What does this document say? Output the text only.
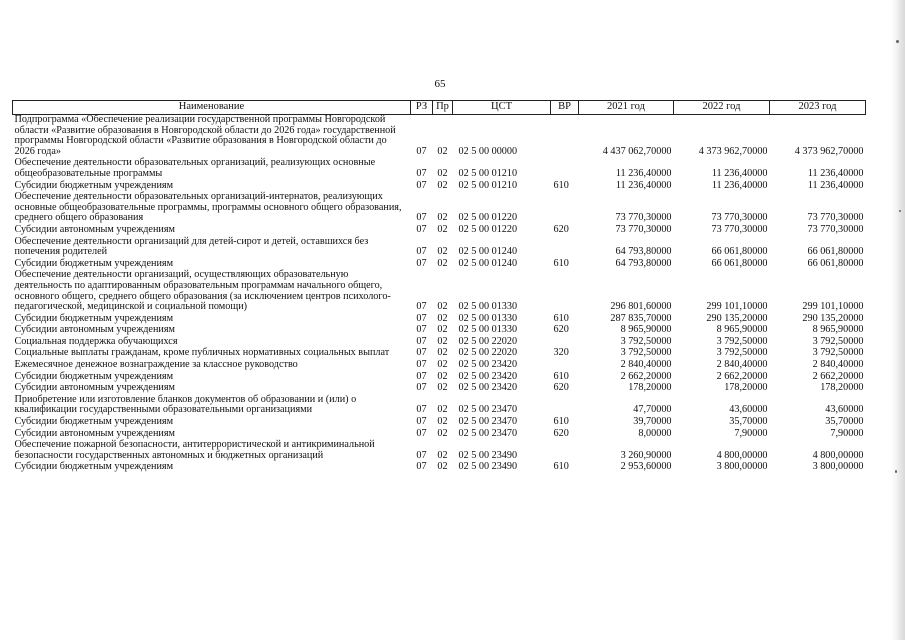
65
Наименование	РЗ	Пр	ЦСТ	ВР	2021 год	2022 год	2023 год
Подпрограмма «Обеспечение реализации государственной программы Новгородской области «Развитие образования в Новгородской области до 2026 года» государственной программы Новгородской области «Развитие образования в Новгородской области до 2026 года»	07	02	02 5 00 00000		4 437 062,70000	4 373 962,70000	4 373 962,70000
Обеспечение деятельности образовательных организаций, реализующих основные общеобразовательные программы	07	02	02 5 00 01210		11 236,40000	11 236,40000	11 236,40000
Субсидии бюджетным учреждениям	07	02	02 5 00 01210	610	11 236,40000	11 236,40000	11 236,40000
Обеспечение деятельности образовательных организаций-интернатов, реализующих основные общеобразовательные программы, программы основного общего образования, среднего общего образования	07	02	02 5 00 01220		73 770,30000	73 770,30000	73 770,30000
Субсидии автономным учреждениям	07	02	02 5 00 01220	620	73 770,30000	73 770,30000	73 770,30000
Обеспечение деятельности организаций для детей-сирот и детей, оставшихся без попечения родителей	07	02	02 5 00 01240		64 793,80000	66 061,80000	66 061,80000
Субсидии бюджетным учреждениям	07	02	02 5 00 01240	610	64 793,80000	66 061,80000	66 061,80000
Обеспечение деятельности организаций, осуществляющих образовательную деятельность по адаптированным образовательным программам начального общего, основного общего, среднего общего образования (за исключением центров психолого-педагогической, медицинской и социальной помощи)	07	02	02 5 00 01330		296 801,60000	299 101,10000	299 101,10000
Субсидии бюджетным учреждениям	07	02	02 5 00 01330	610	287 835,70000	290 135,20000	290 135,20000
Субсидии автономным учреждениям	07	02	02 5 00 01330	620	8 965,90000	8 965,90000	8 965,90000
Социальная поддержка обучающихся	07	02	02 5 00 22020		3 792,50000	3 792,50000	3 792,50000
Социальные выплаты гражданам, кроме публичных нормативных социальных выплат	07	02	02 5 00 22020	320	3 792,50000	3 792,50000	3 792,50000
Ежемесячное денежное вознаграждение за классное руководство	07	02	02 5 00 23420		2 840,40000	2 840,40000	2 840,40000
Субсидии бюджетным учреждениям	07	02	02 5 00 23420	610	2 662,20000	2 662,20000	2 662,20000
Субсидии автономным учреждениям	07	02	02 5 00 23420	620	178,20000	178,20000	178,20000
Приобретение или изготовление бланков документов об образовании и (или) о квалификации государственными образовательными организациями	07	02	02 5 00 23470		47,70000	43,60000	43,60000
Субсидии бюджетным учреждениям	07	02	02 5 00 23470	610	39,70000	35,70000	35,70000
Субсидии автономным учреждениям	07	02	02 5 00 23470	620	8,00000	7,90000	7,90000
Обеспечение пожарной безопасности, антитеррористической и антикриминальной безопасности государственных автономных и бюджетных организаций	07	02	02 5 00 23490		3 260,90000	4 800,00000	4 800,00000
Субсидии бюджетным учреждениям	07	02	02 5 00 23490	610	2 953,60000	3 800,00000	3 800,00000
